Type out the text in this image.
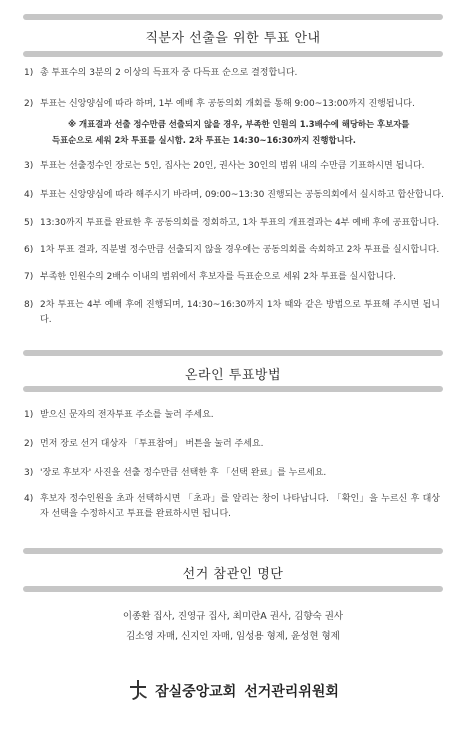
직분자 선출을 위한 투표 안내
1) 총 투표수의 3분의 2 이상의 득표자 중 다득표 순으로 결정합니다.
2) 투표는 신앙양심에 따라 하며, 1부 예배 후 공동의회 개회를 통해 9:00~13:00까지 진행됩니다.
※ 개표결과 선출 정수만큼 선출되지 않을 경우, 부족한 인원의 1.3배수에 해당하는 후보자를
득표순으로 세워 2차 투표를 실시함. 2차 투표는 14:30~16:30까지 진행합니다.
3) 투표는 선출정수인 장로는 5인, 집사는 20인, 권사는 30인의 범위 내의 수만큼 기표하시면 됩니다.
4) 투표는 신앙양심에 따라 해주시기 바라며, 09:00~13:30 진행되는 공동의회에서 실시하고 합산합니다.
5) 13:30까지 투표를 완료한 후 공동의회를 정회하고, 1차 투표의 개표결과는 4부 예배 후에 공표합니다.
6) 1차 투표 결과, 직분별 정수만큼 선출되지 않을 경우에는 공동의회를 속회하고 2차 투표를 실시합니다.
7) 부족한 인원수의 2배수 이내의 범위에서 후보자를 득표순으로 세워 2차 투표를 실시합니다.
8) 2차 투표는 4부 예배 후에 진행되며, 14:30~16:30까지 1차 때와 같은 방법으로 투표해 주시면 됩니다.
온라인 투표방법
1) 받으신 문자의 전자투표 주소를 눌러 주세요.
2) 먼저 장로 선거 대상자 「투표참여」 버튼을 눌러 주세요.
3) '장로 후보자' 사진을 선출 정수만큼 선택한 후 「선택 완료」를 누르세요.
4) 후보자 정수인원을 초과 선택하시면 「초과」를 알리는 창이 나타납니다. 「확인」을 누르신 후 대상자 선택을 수정하시고 투표를 완료하시면 됩니다.
선거 참관인 명단
이종환 집사, 진영규 집사, 최미란A 권사, 김향숙 권사
김소영 자매, 신지인 자매, 임성용 형제, 윤성현 형제
잠실중앙교회 선거관리위원회
